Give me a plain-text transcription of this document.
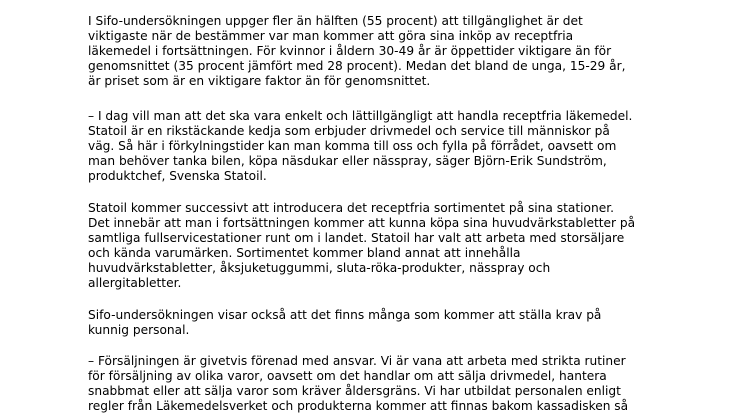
I Sifo-undersökningen uppger fler än hälften (55 procent) att tillgänglighet är det
viktigaste när de bestämmer var man kommer att göra sina inköp av receptfria
läkemedel i fortsättningen. För kvinnor i åldern 30-49 år är öppettider viktigare än för
genomsnittet (35 procent jämfört med 28 procent). Medan det bland de unga, 15-29 år,
är priset som är en viktigare faktor än för genomsnittet.
– I dag vill man att det ska vara enkelt och lättillgängligt att handla receptfria läkemedel.
Statoil är en rikstäckande kedja som erbjuder drivmedel och service till människor på
väg. Så här i förkylningstider kan man komma till oss och fylla på förrådet, oavsett om
man behöver tanka bilen, köpa näsdukar eller nässpray, säger Björn-Erik Sundström,
produktchef, Svenska Statoil.
Statoil kommer successivt att introducera det receptfria sortimentet på sina stationer.
Det innebär att man i fortsättningen kommer att kunna köpa sina huvudvärkstabletter på
samtliga fullservicestationer runt om i landet. Statoil har valt att arbeta med storsäljare
och kända varumärken. Sortimentet kommer bland annat att innehålla
huvudvärkstabletter, åksjuketuggummi, sluta-röka-produkter, nässpray och
allergitabletter.
Sifo-undersökningen visar också att det finns många som kommer att ställa krav på
kunnig personal.
– Försäljningen är givetvis förenad med ansvar. Vi är vana att arbeta med strikta rutiner
för försäljning av olika varor, oavsett om det handlar om att sälja drivmedel, hantera
snabbmat eller att sälja varor som kräver åldersgräns. Vi har utbildat personalen enligt
regler från Läkemedelsverket och produkterna kommer att finnas bakom kassadisken så
